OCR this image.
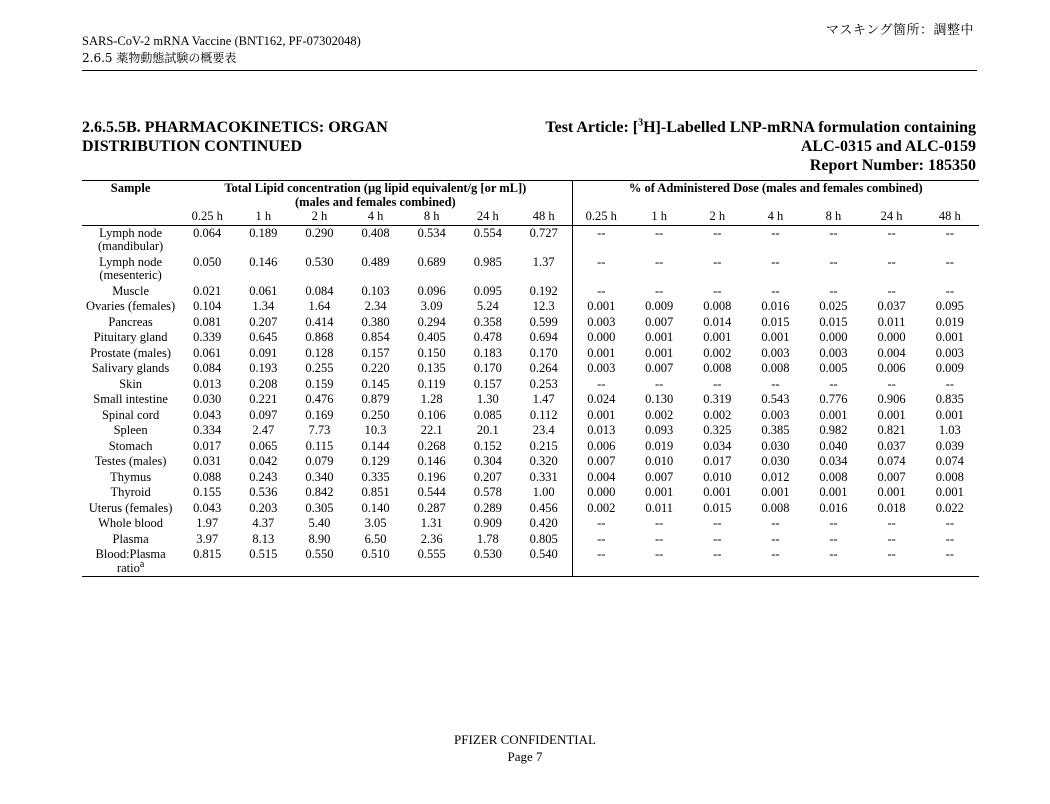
マスキング箇所：調整中
SARS-CoV-2 mRNA Vaccine (BNT162, PF-07302048)
2.6.5 薬物動態試験の概要表
2.6.5.5B. PHARMACOKINETICS: ORGAN
DISTRIBUTION CONTINUED
Test Article: [$^3$H]-Labelled LNP-mRNA formulation containing
ALC-0315 and ALC-0159
Report Number: 185350
Sample	Total Lipid concentration (µg lipid equivalent/g [or mL])
(males and females combined)							% of Administered Dose (males and females combined)						
	0.25 h	1 h	2 h	4 h	8 h	24 h	48 h	0.25 h	1 h	2 h	4 h	8 h	24 h	48 h
Lymph node (mandibular)	0.064	0.189	0.290	0.408	0.534	0.554	0.727	--	--	--	--	--	--	--
Lymph node (mesenteric)	0.050	0.146	0.530	0.489	0.689	0.985	1.37	--	--	--	--	--	--	--
Muscle	0.021	0.061	0.084	0.103	0.096	0.095	0.192	--	--	--	--	--	--	--
Ovaries (females)	0.104	1.34	1.64	2.34	3.09	5.24	12.3	0.001	0.009	0.008	0.016	0.025	0.037	0.095
Pancreas	0.081	0.207	0.414	0.380	0.294	0.358	0.599	0.003	0.007	0.014	0.015	0.015	0.011	0.019
Pituitary gland	0.339	0.645	0.868	0.854	0.405	0.478	0.694	0.000	0.001	0.001	0.001	0.000	0.000	0.001
Prostate (males)	0.061	0.091	0.128	0.157	0.150	0.183	0.170	0.001	0.001	0.002	0.003	0.003	0.004	0.003
Salivary glands	0.084	0.193	0.255	0.220	0.135	0.170	0.264	0.003	0.007	0.008	0.008	0.005	0.006	0.009
Skin	0.013	0.208	0.159	0.145	0.119	0.157	0.253	--	--	--	--	--	--	--
Small intestine	0.030	0.221	0.476	0.879	1.28	1.30	1.47	0.024	0.130	0.319	0.543	0.776	0.906	0.835
Spinal cord	0.043	0.097	0.169	0.250	0.106	0.085	0.112	0.001	0.002	0.002	0.003	0.001	0.001	0.001
Spleen	0.334	2.47	7.73	10.3	22.1	20.1	23.4	0.013	0.093	0.325	0.385	0.982	0.821	1.03
Stomach	0.017	0.065	0.115	0.144	0.268	0.152	0.215	0.006	0.019	0.034	0.030	0.040	0.037	0.039
Testes (males)	0.031	0.042	0.079	0.129	0.146	0.304	0.320	0.007	0.010	0.017	0.030	0.034	0.074	0.074
Thymus	0.088	0.243	0.340	0.335	0.196	0.207	0.331	0.004	0.007	0.010	0.012	0.008	0.007	0.008
Thyroid	0.155	0.536	0.842	0.851	0.544	0.578	1.00	0.000	0.001	0.001	0.001	0.001	0.001	0.001
Uterus (females)	0.043	0.203	0.305	0.140	0.287	0.289	0.456	0.002	0.011	0.015	0.008	0.016	0.018	0.022
Whole blood	1.97	4.37	5.40	3.05	1.31	0.909	0.420	--	--	--	--	--	--	--
Plasma	3.97	8.13	8.90	6.50	2.36	1.78	0.805	--	--	--	--	--	--	--
Blood:Plasma ratio$^a$	0.815	0.515	0.550	0.510	0.555	0.530	0.540	--	--	--	--	--	--	--
PFIZER CONFIDENTIAL
Page 7
